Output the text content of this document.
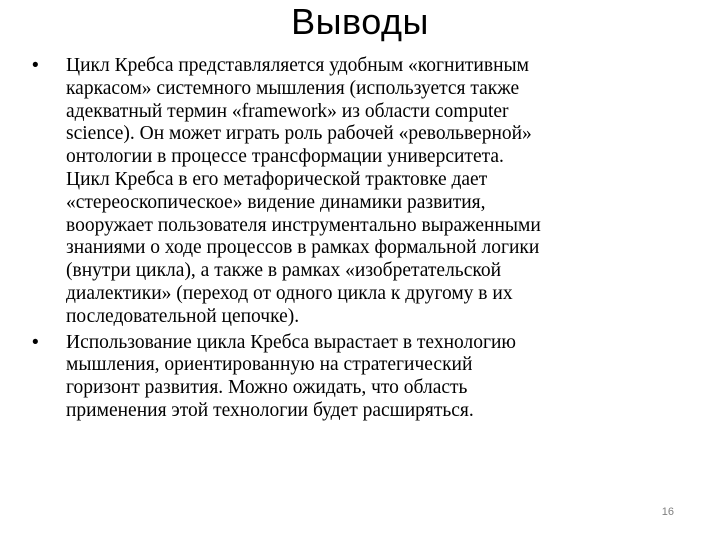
Выводы
• Цикл Кребса представляляется удобным «когнитивным
каркасом» системного мышления (используется также
адекватный термин «framework» из области computer
science). Он может играть роль рабочей «револьверной»
онтологии в процессе трансформации университета.
Цикл Кребса в его метафорической трактовке дает
«стереоскопическое» видение динамики развития,
вооружает пользователя инструментально выраженными
знаниями о ходе процессов в рамках формальной логики
(внутри цикла), а также в рамках «изобретательской
диалектики» (переход от одного цикла к другому в их
последовательной цепочке).
• Использование цикла Кребса вырастает в технологию
мышления, ориентированную на стратегический
горизонт развития. Можно ожидать, что область
применения этой технологии будет расширяться.
16
